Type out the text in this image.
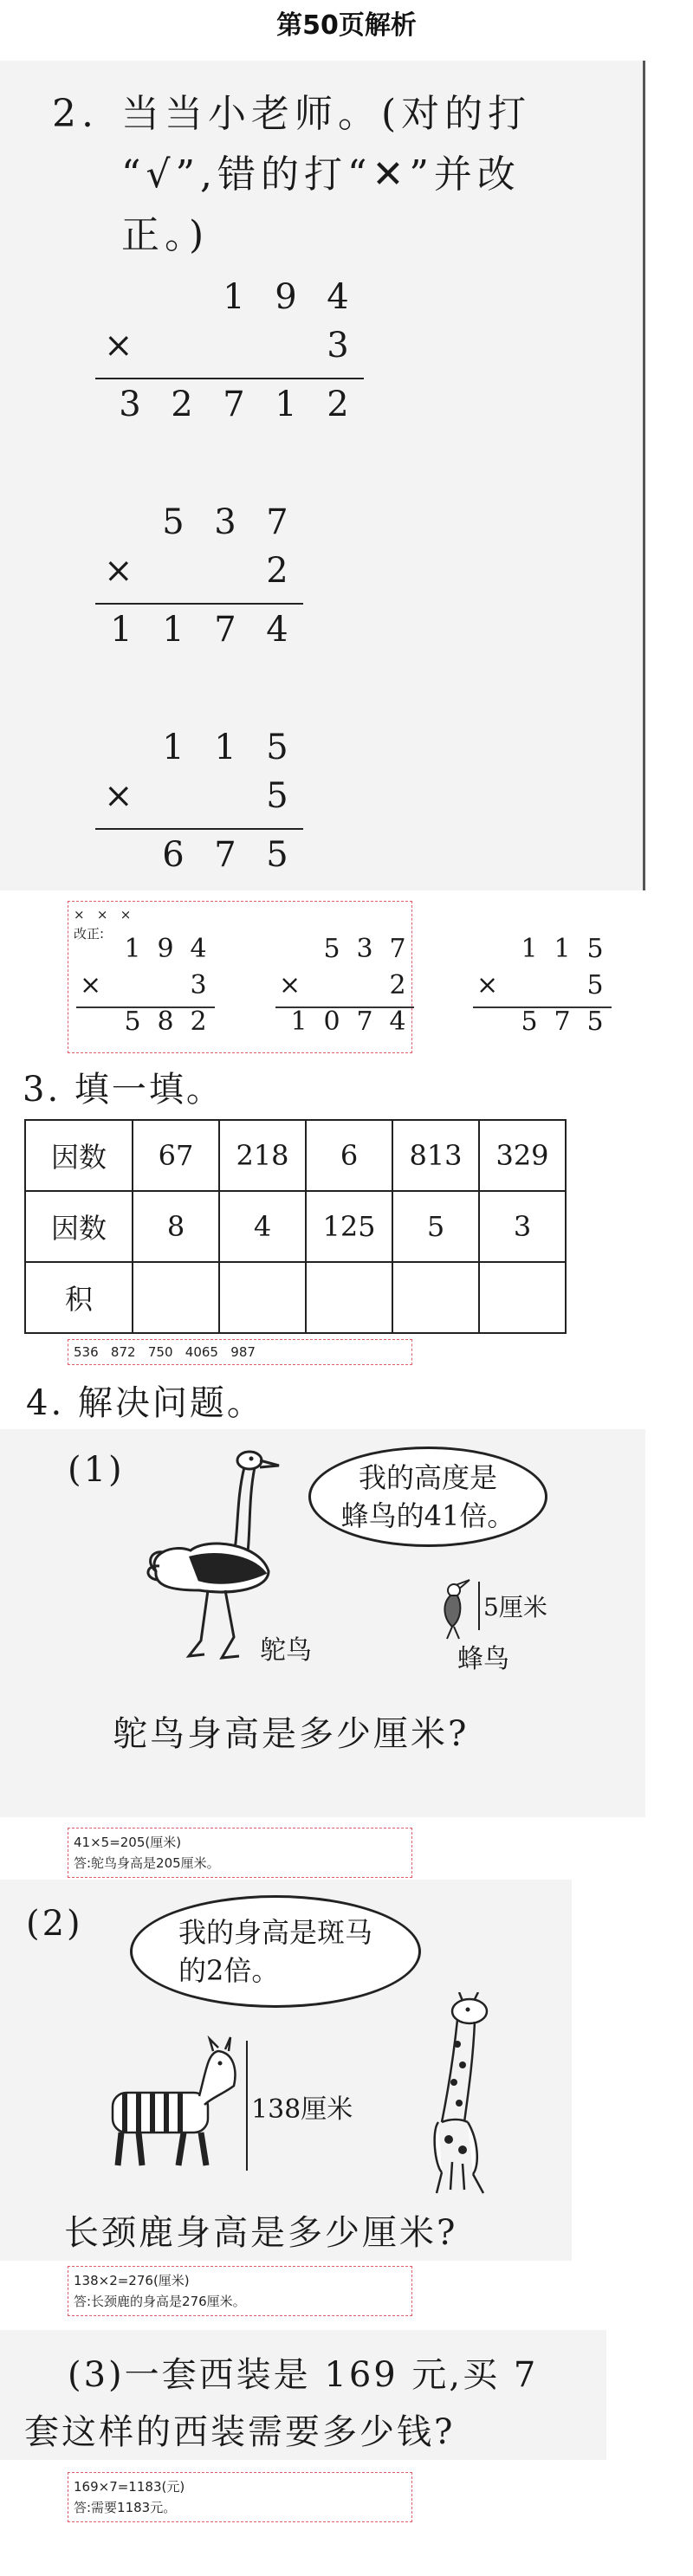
第50页解析
2. 当当小老师。(对的打
“√”,错的打“✕”并改
正。)
1 9 4
×	3
3 2 7 1 2
5 3 7
×	2
1 1 7 4
1 1 5
×	5
6 7 5
×   ×   ×
改正: 1 9 4
×	3
5 8 2
5 3 7
×	2
1 0 7 4
1 1 5
×	5
5 7 5
3. 填一填。
因数	67	218	6	813	329
因数	8	4	125	5	3
积					
536   872   750   4065   987
4. 解决问题。
(1)	我的高度是
蜂鸟的41倍。
鸵鸟
5厘米
蜂鸟
鸵鸟身高是多少厘米?
41×5=205(厘米)
答:鸵鸟身高是205厘米。
(2)	我的身高是斑马
的2倍。
138厘米
长颈鹿身高是多少厘米?
138×2=276(厘米)
答:长颈鹿的身高是276厘米。
(3)一套西装是 169 元,买 7
套这样的西装需要多少钱?
169×7=1183(元)
答:需要1183元。
